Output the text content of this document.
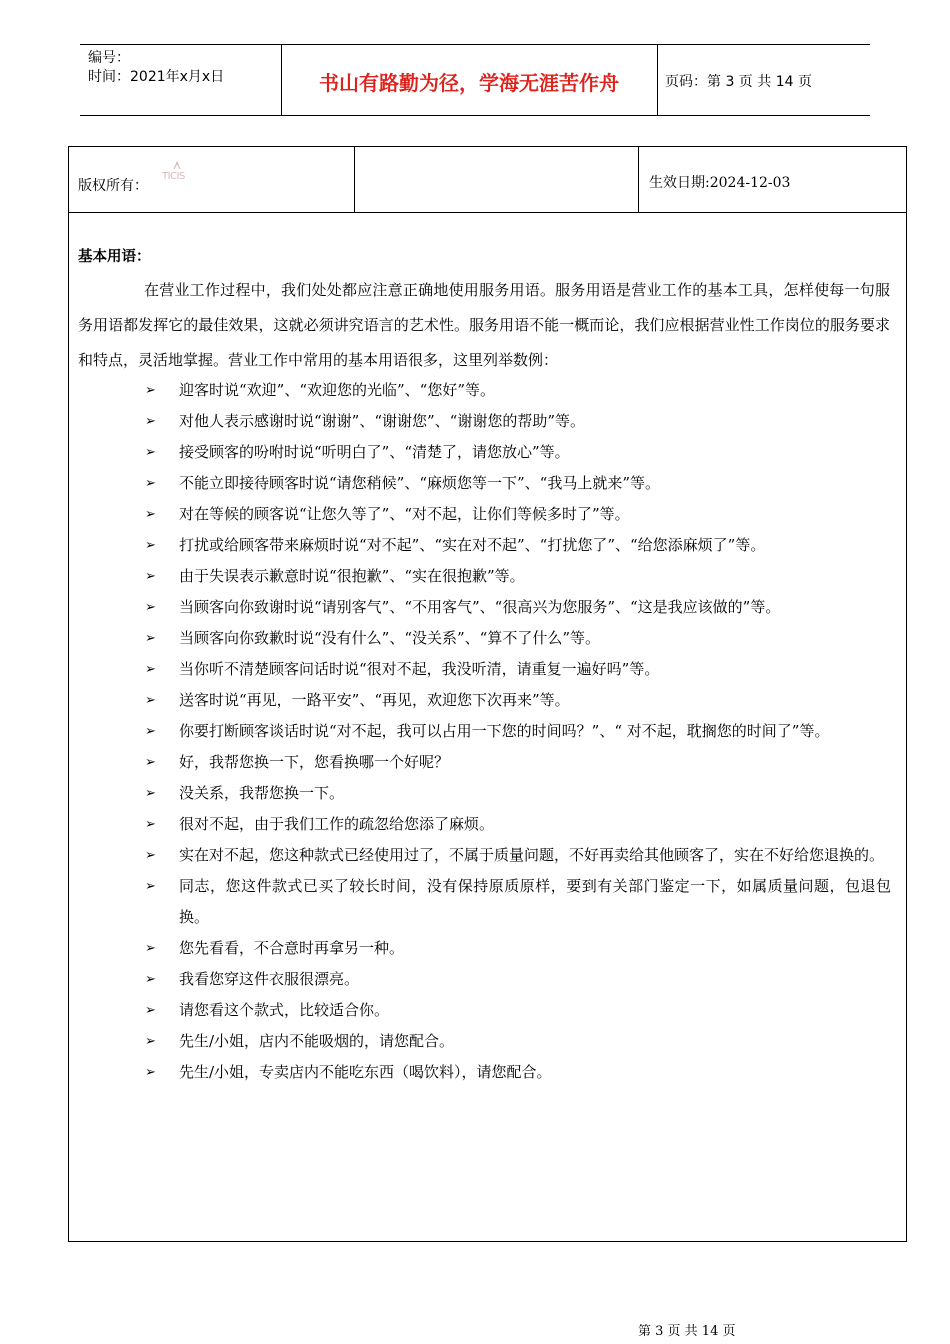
编号：
时间：2021年x月x日	书山有路勤为径，学海无涯苦作舟	页码：第 3 页 共 14 页
版权所有：
TICIS	生效日期:2024-12-03
基本用语：

在营业工作过程中，我们处处都应注意正确地使用服务用语。服务用语是营业工作的基本工具，怎样使每一句服务用语都发挥它的最佳效果，这就必须讲究语言的艺术性。服务用语不能一概而论，我们应根据营业性工作岗位的服务要求和特点，灵活地掌握。营业工作中常用的基本用语很多，这里列举数例：

➢	迎客时说“欢迎”、“欢迎您的光临”、“您好”等。
➢	对他人表示感谢时说“谢谢”、“谢谢您”、“谢谢您的帮助”等。
➢	接受顾客的吩咐时说“听明白了”、“清楚了，请您放心”等。
➢	不能立即接待顾客时说“请您稍候”、“麻烦您等一下”、“我马上就来”等。
➢	对在等候的顾客说“让您久等了”、“对不起，让你们等候多时了”等。
➢	打扰或给顾客带来麻烦时说“对不起”、“实在对不起”、“打扰您了”、“给您添麻烦了”等。
➢	由于失误表示歉意时说“很抱歉”、“实在很抱歉”等。
➢	当顾客向你致谢时说“请别客气”、“不用客气”、“很高兴为您服务”、“这是我应该做的”等。
➢	当顾客向你致歉时说“没有什么”、“没关系”、“算不了什么”等。
➢	当你听不清楚顾客问话时说“很对不起，我没听清，请重复一遍好吗”等。
➢	送客时说“再见，一路平安”、“再见，欢迎您下次再来”等。
➢	你要打断顾客谈话时说“对不起，我可以占用一下您的时间吗？”、“ 对不起，耽搁您的时间了”等。
➢	好，我帮您换一下，您看换哪一个好呢？
➢	没关系，我帮您换一下。
➢	很对不起，由于我们工作的疏忽给您添了麻烦。
➢	实在对不起，您这种款式已经使用过了，不属于质量问题，不好再卖给其他顾客了，实在不好给您退换的。
➢	同志，您这件款式已买了较长时间，没有保持原质原样，要到有关部门鉴定一下，如属质量问题，包退包换。
➢	您先看看，不合意时再拿另一种。
➢	我看您穿这件衣服很漂亮。
➢	请您看这个款式，比较适合你。
➢	先生/小姐，店内不能吸烟的，请您配合。
➢	先生/小姐，专卖店内不能吃东西（喝饮料），请您配合。
第 3 页 共 14 页
